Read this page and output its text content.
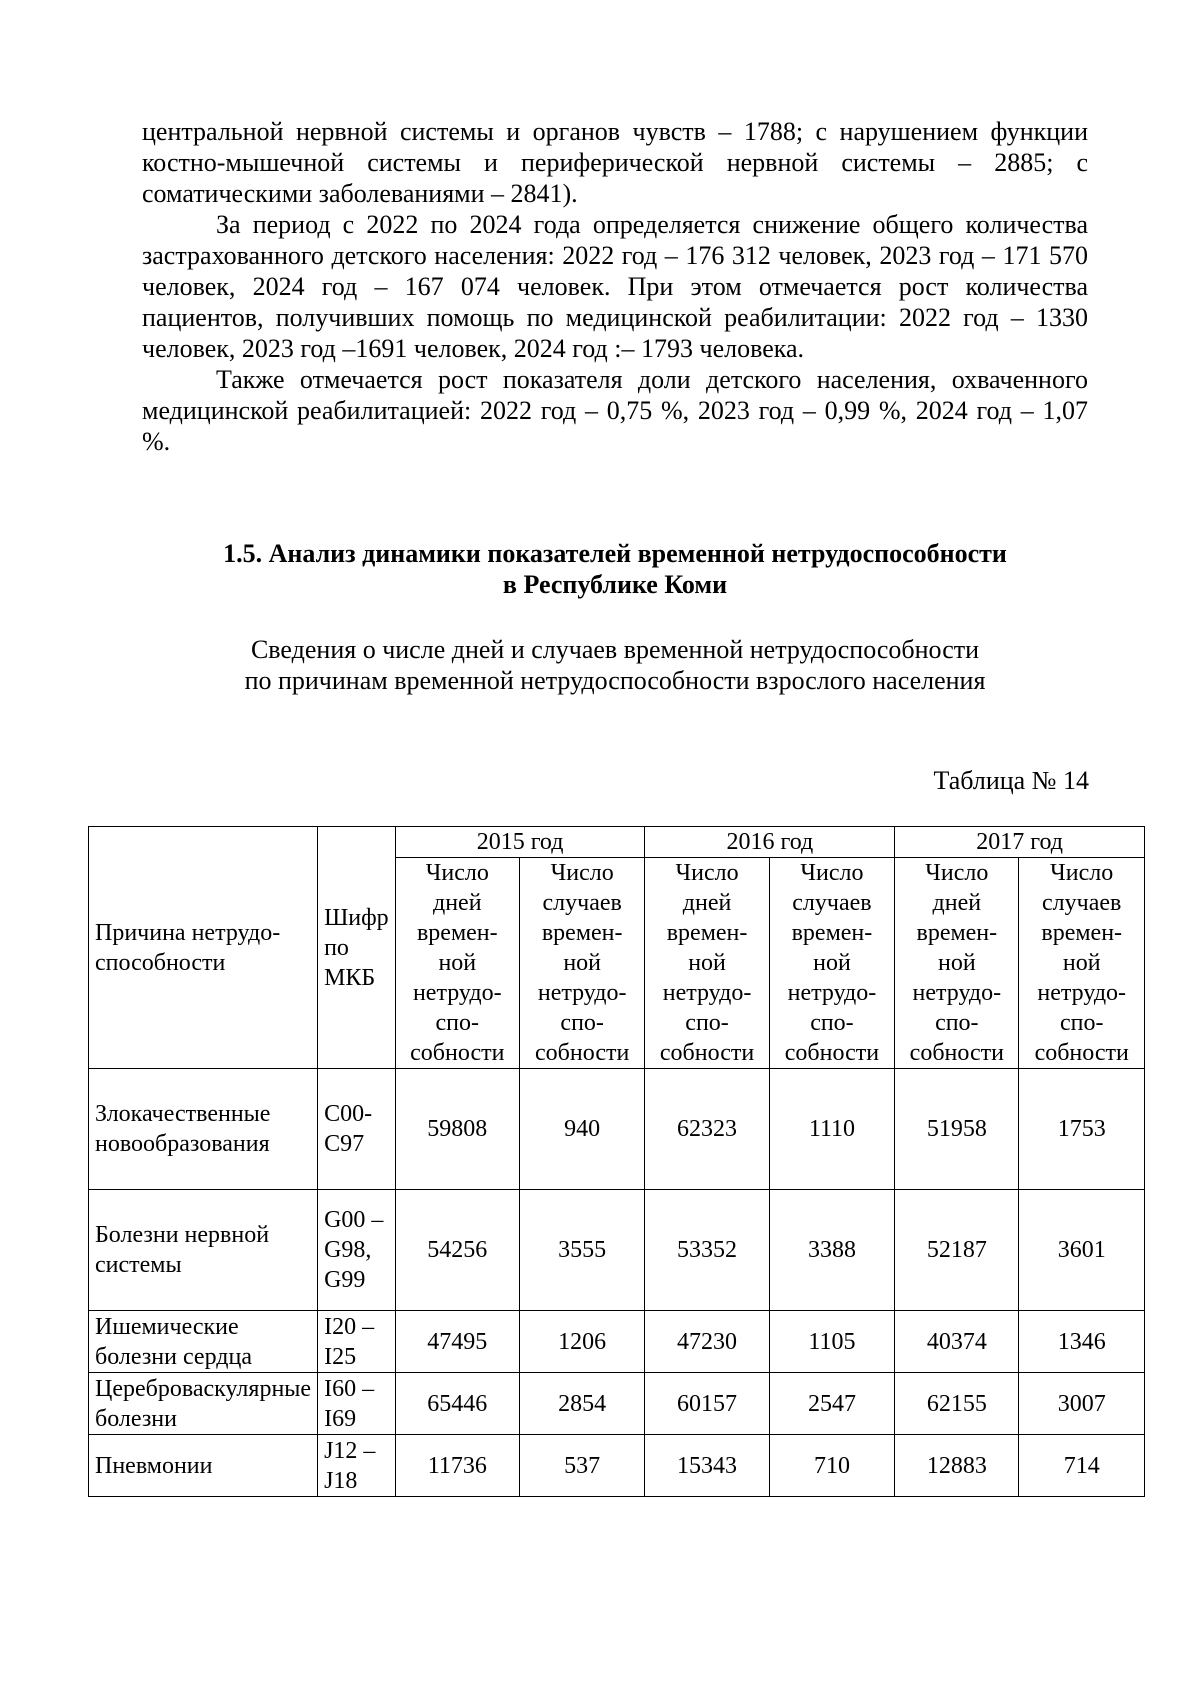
центральной нервной системы и органов чувств – 1788; с нарушением функции костно-мышечной системы и периферической нервной системы – 2885; с соматическими заболеваниями – 2841).

За период с 2022 по 2024 года определяется снижение общего количества застрахованного детского населения: 2022 год – 176 312 человек, 2023 год – 171 570 человек, 2024 год – 167 074 человек. При этом отмечается рост количества пациентов, получивших помощь по медицинской реабилитации: 2022 год – 1330 человек, 2023 год –1691 человек, 2024 год :– 1793 человека.

Также отмечается рост показателя доли детского населения, охваченного медицинской реабилитацией: 2022 год – 0,75 %, 2023 год – 0,99 %, 2024 год – 1,07 %.

1.5. Анализ динамики показателей временной нетрудоспособности
в Республике Коми
Сведения о числе дней и случаев временной нетрудоспособности
по причинам временной нетрудоспособности взрослого населения
Таблица № 14
Причина нетрудо-способности	Шифр по МКБ	2015 год		2016 год		2017 год	
		Число дней времен-ной нетрудо-спо-собности	Число случаев времен-ной нетрудо-спо-собности	Число дней времен-ной нетрудо-спо-собности	Число случаев времен-ной нетрудо-спо-собности	Число дней времен-ной нетрудо-спо-собности	Число случаев времен-ной нетрудо-спо-собности
Злокачественные новообразования	C00-C97	59808	940	62323	1110	51958	1753
Болезни нервной системы	G00 – G98, G99	54256	3555	53352	3388	52187	3601
Ишемические болезни сердца	I20 – I25	47495	1206	47230	1105	40374	1346
Цереброваскулярные болезни	I60 – I69	65446	2854	60157	2547	62155	3007
Пневмонии	J12 – J18	11736	537	15343	710	12883	714
